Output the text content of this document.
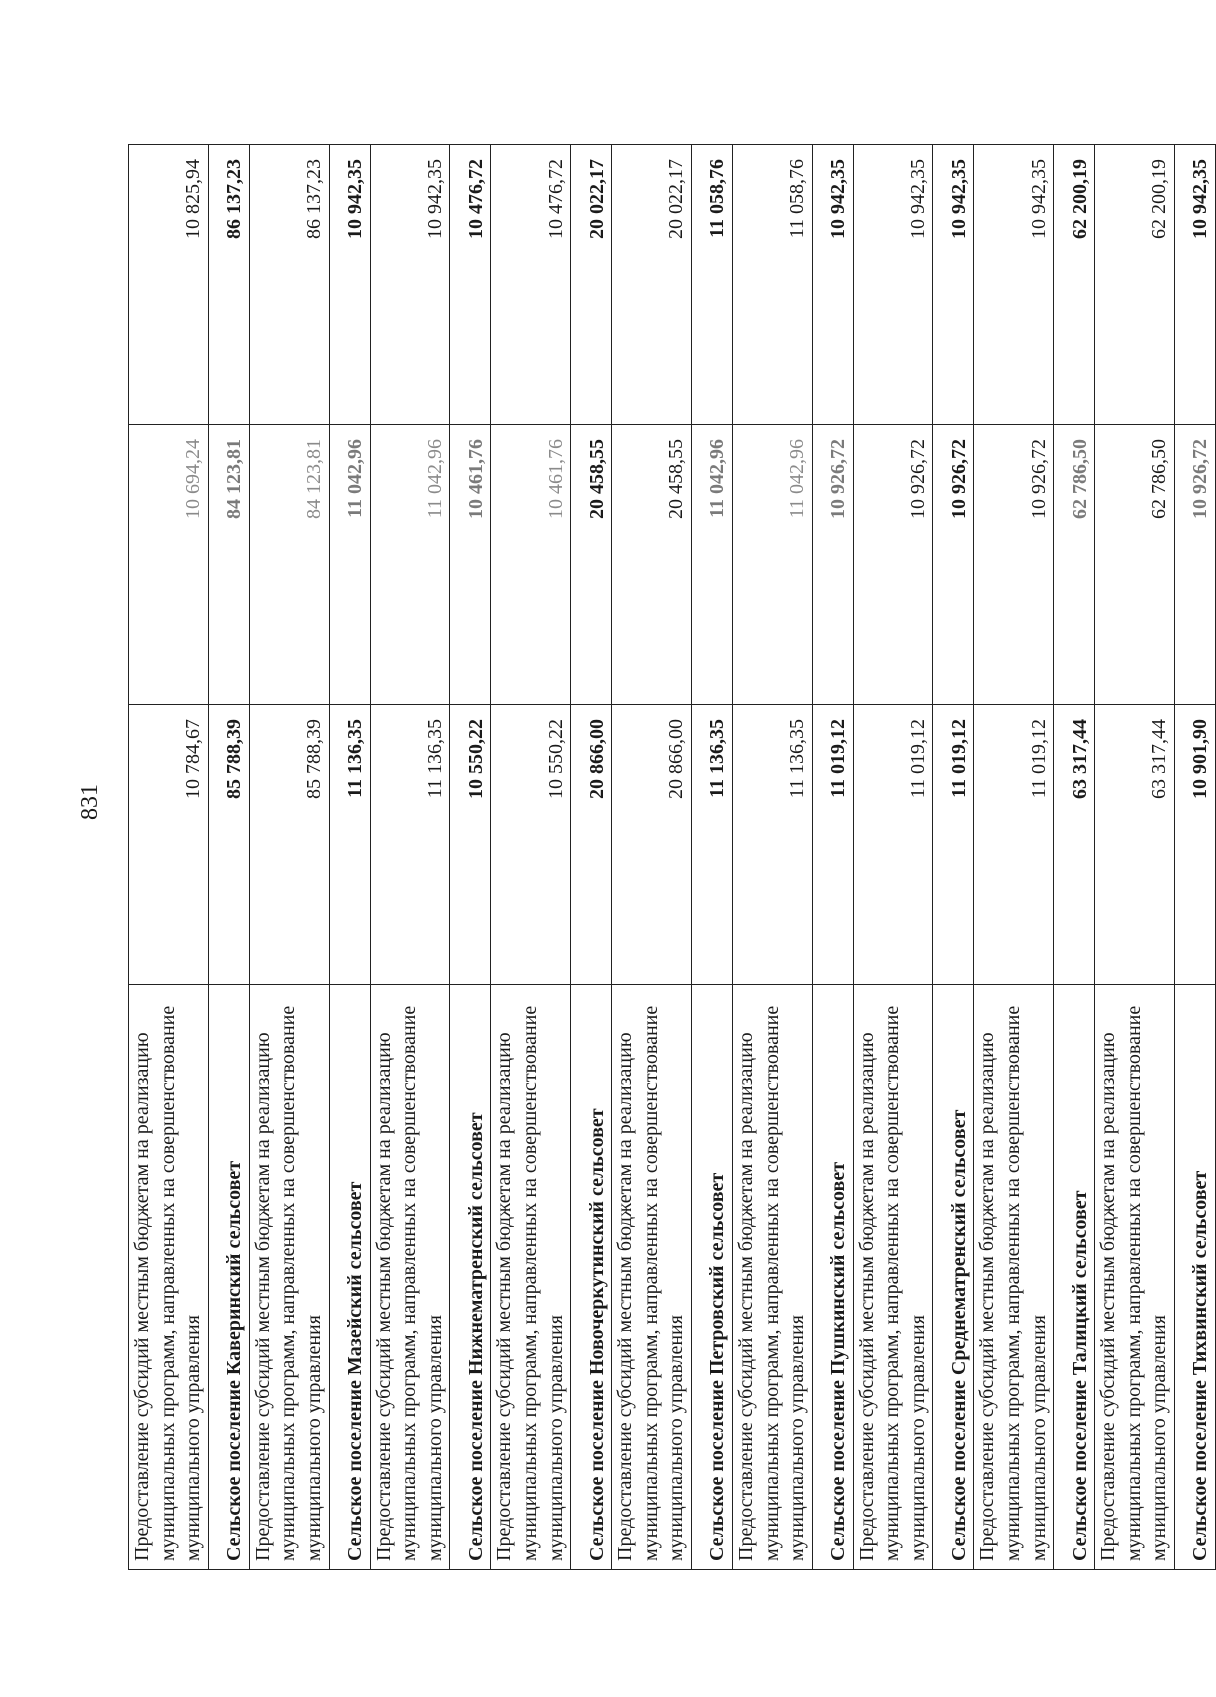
831
Предоставление субсидий местным бюджетам на реализацию муниципальных программ, направленных на совершенствование муниципального управления	10 784,67	10 694,24	10 825,94
Сельское поселение Каверинский сельсовет	85 788,39	84 123,81	86 137,23
Предоставление субсидий местным бюджетам на реализацию муниципальных программ, направленных на совершенствование муниципального управления	85 788,39	84 123,81	86 137,23
Сельское поселение Мазейский сельсовет	11 136,35	11 042,96	10 942,35
Предоставление субсидий местным бюджетам на реализацию муниципальных программ, направленных на совершенствование муниципального управления	11 136,35	11 042,96	10 942,35
Сельское поселение Нижнематренский сельсовет	10 550,22	10 461,76	10 476,72
Предоставление субсидий местным бюджетам на реализацию муниципальных программ, направленных на совершенствование муниципального управления	10 550,22	10 461,76	10 476,72
Сельское поселение Новочеркутинский сельсовет	20 866,00	20 458,55	20 022,17
Предоставление субсидий местным бюджетам на реализацию муниципальных программ, направленных на совершенствование муниципального управления	20 866,00	20 458,55	20 022,17
Сельское поселение Петровский сельсовет	11 136,35	11 042,96	11 058,76
Предоставление субсидий местным бюджетам на реализацию муниципальных программ, направленных на совершенствование муниципального управления	11 136,35	11 042,96	11 058,76
Сельское поселение Пушкинский сельсовет	11 019,12	10 926,72	10 942,35
Предоставление субсидий местным бюджетам на реализацию муниципальных программ, направленных на совершенствование муниципального управления	11 019,12	10 926,72	10 942,35
Сельское поселение Среднематренский сельсовет	11 019,12	10 926,72	10 942,35
Предоставление субсидий местным бюджетам на реализацию муниципальных программ, направленных на совершенствование муниципального управления	11 019,12	10 926,72	10 942,35
Сельское поселение Талицкий сельсовет	63 317,44	62 786,50	62 200,19
Предоставление субсидий местным бюджетам на реализацию муниципальных программ, направленных на совершенствование муниципального управления	63 317,44	62 786,50	62 200,19
Сельское поселение Тихвинский сельсовет	10 901,90	10 926,72	10 942,35
